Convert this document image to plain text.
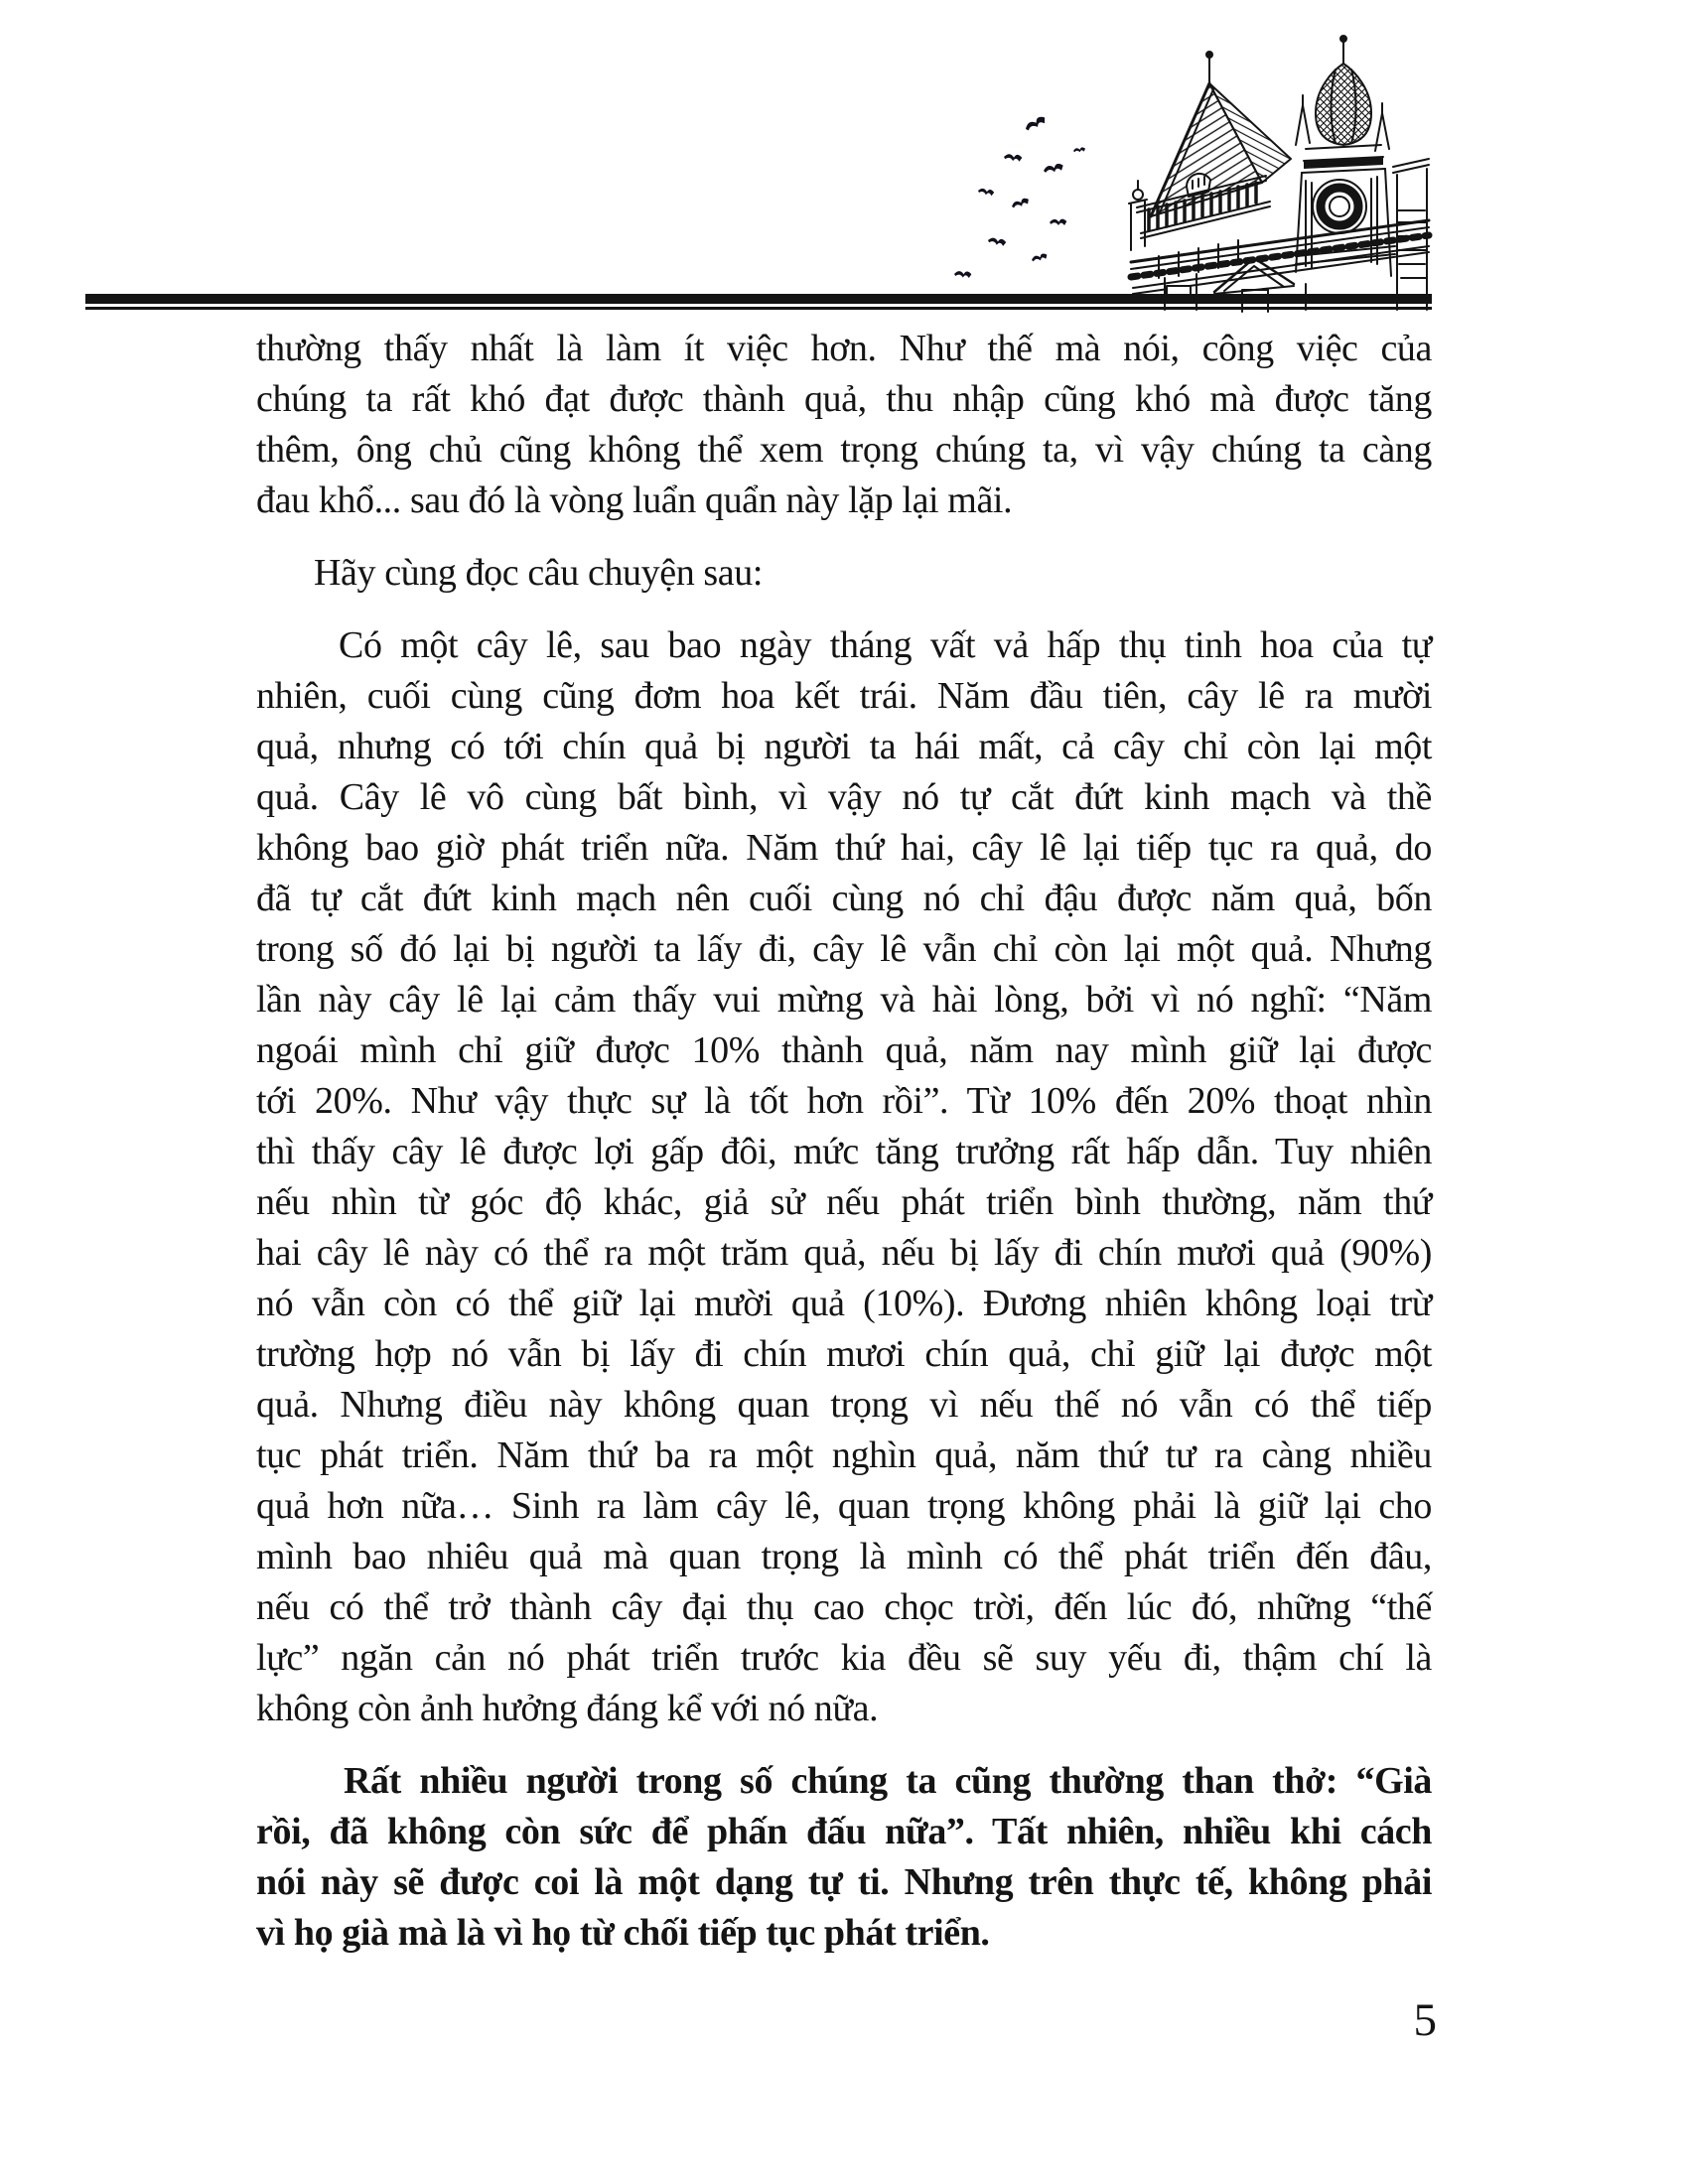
thường thấy nhất là làm ít việc hơn. Như thế mà nói, công việc của
chúng ta rất khó đạt được thành quả, thu nhập cũng khó mà được tăng
thêm, ông chủ cũng không thể xem trọng chúng ta, vì vậy chúng ta càng
đau khổ... sau đó là vòng luẩn quẩn này lặp lại mãi.
Hãy cùng đọc câu chuyện sau:
Có một cây lê, sau bao ngày tháng vất vả hấp thụ tinh hoa của tự
nhiên, cuối cùng cũng đơm hoa kết trái. Năm đầu tiên, cây lê ra mười
quả, nhưng có tới chín quả bị người ta hái mất, cả cây chỉ còn lại một
quả. Cây lê vô cùng bất bình, vì vậy nó tự cắt đứt kinh mạch và thề
không bao giờ phát triển nữa. Năm thứ hai, cây lê lại tiếp tục ra quả, do
đã tự cắt đứt kinh mạch nên cuối cùng nó chỉ đậu được năm quả, bốn
trong số đó lại bị người ta lấy đi, cây lê vẫn chỉ còn lại một quả. Nhưng
lần này cây lê lại cảm thấy vui mừng và hài lòng, bởi vì nó nghĩ: “Năm
ngoái mình chỉ giữ được 10% thành quả, năm nay mình giữ lại được
tới 20%. Như vậy thực sự là tốt hơn rồi”. Từ 10% đến 20% thoạt nhìn
thì thấy cây lê được lợi gấp đôi, mức tăng trưởng rất hấp dẫn. Tuy nhiên
nếu nhìn từ góc độ khác, giả sử nếu phát triển bình thường, năm thứ
hai cây lê này có thể ra một trăm quả, nếu bị lấy đi chín mươi quả (90%)
nó vẫn còn có thể giữ lại mười quả (10%). Đương nhiên không loại trừ
trường hợp nó vẫn bị lấy đi chín mươi chín quả, chỉ giữ lại được một
quả. Nhưng điều này không quan trọng vì nếu thế nó vẫn có thể tiếp
tục phát triển. Năm thứ ba ra một nghìn quả, năm thứ tư ra càng nhiều
quả hơn nữa… Sinh ra làm cây lê, quan trọng không phải là giữ lại cho
mình bao nhiêu quả mà quan trọng là mình có thể phát triển đến đâu,
nếu có thể trở thành cây đại thụ cao chọc trời, đến lúc đó, những “thế
lực” ngăn cản nó phát triển trước kia đều sẽ suy yếu đi, thậm chí là
không còn ảnh hưởng đáng kể với nó nữa.
Rất nhiều người trong số chúng ta cũng thường than thở: “Già
rồi, đã không còn sức để phấn đấu nữa”. Tất nhiên, nhiều khi cách
nói này sẽ được coi là một dạng tự ti. Nhưng trên thực tế, không phải
vì họ già mà là vì họ từ chối tiếp tục phát triển.
5
